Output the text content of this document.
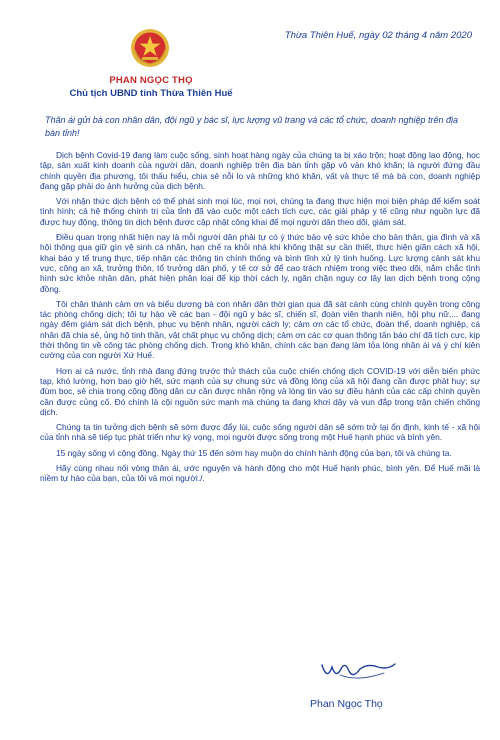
Thừa Thiên Huế, ngày 02 tháng 4 năm 2020
PHAN NGỌC THỌ
Chủ tịch UBND tỉnh Thừa Thiên Huế
Thân ái gửi bà con nhân dân, đội ngũ y bác sĩ, lực lượng vũ trang và các tổ chức, doanh nghiệp trên địa bàn tỉnh!

Dịch bệnh Covid-19 đang làm cuộc sống, sinh hoạt hàng ngày của chúng ta bị xáo trộn; hoạt động lao động, học tập, sản xuất kinh doanh của người dân, doanh nghiệp trên địa bàn tỉnh gặp vô vàn khó khăn; là người đứng đầu chính quyền địa phương, tôi thấu hiểu, chia sẻ nỗi lo và những khó khăn, vất vả thực tế mà bà con, doanh nghiệp đang gặp phải do ảnh hưởng của dịch bệnh.

Với nhận thức dịch bệnh có thể phát sinh mọi lúc, mọi nơi, chúng ta đang thực hiện mọi biện pháp để kiểm soát tình hình; cả hệ thống chính trị của tỉnh đã vào cuộc một cách tích cực, các giải pháp y tế cũng như nguồn lực đã được huy động, thông tin dịch bệnh được cập nhật công khai để mọi người dân theo dõi, giám sát.

Điều quan trọng nhất hiện nay là mỗi người dân phải tự có ý thức bảo vệ sức khỏe cho bản thân, gia đình và xã hội thông qua giữ gìn vệ sinh cá nhân, hạn chế ra khỏi nhà khi không thật sự cần thiết, thực hiện giãn cách xã hội, khai báo y tế trung thực, tiếp nhận các thông tin chính thống và bình tĩnh xử lý tình huống. Lực lượng cảnh sát khu vực, công an xã, trưởng thôn, tổ trưởng dân phố, y tế cơ sở để cao trách nhiệm trong việc theo dõi, nắm chắc tình hình sức khỏe nhân dân, phát hiện phân loại để kịp thời cách ly, ngăn chặn nguy cơ lây lan dịch bệnh trong cộng đồng.

Tôi chân thành cảm ơn và biểu dương bà con nhân dân thời gian qua đã sát cánh cùng chính quyền trong công tác phòng chống dịch; tôi tự hào về các bạn - đội ngũ y bác sĩ, chiến sĩ, đoàn viên thanh niên, hội phụ nữ,... đang ngày đêm giám sát dịch bệnh, phục vụ bệnh nhân, người cách ly; cảm ơn các tổ chức, đoàn thể, doanh nghiệp, cá nhân đã chia sẻ, ủng hộ tinh thần, vật chất phục vụ chống dịch; cảm ơn các cơ quan thông tấn báo chí đã tích cực, kịp thời thông tin về công tác phòng chống dịch. Trong khó khăn, chính các bạn đang làm tỏa lòng nhân ái và ý chí kiên cường của con người Xứ Huế.

Hơn ai cả nước, tỉnh nhà đang đứng trước thử thách của cuộc chiến chống dịch COVID-19 với diễn biến phức tạp, khó lường, hơn bao giờ hết, sức mạnh của sự chung sức và đồng lòng của xã hội đang cần được phát huy; sự đùm bọc, sẻ chia trong cộng đồng dân cư cần được nhân rộng và lòng tin vào sự điều hành của các cấp chính quyền cần được củng cố. Đó chính là cội nguồn sức mạnh mà chúng ta đang khơi dậy và vun đắp trong trận chiến chống dịch.

Chúng ta tin tưởng dịch bệnh sẽ sớm được đẩy lùi, cuộc sống người dân sẽ sớm trở lại ổn định, kinh tế - xã hội của tỉnh nhà sẽ tiếp tục phát triển như kỳ vọng, mọi người được sống trong một Huế hạnh phúc và bình yên.

15 ngày sống vì cộng đồng. Ngày thứ 15 đến sớm hay muộn do chính hành động của bạn, tôi và chúng ta.

Hãy cùng nhau nối vòng thân ái, ước nguyện và hành động cho một Huế hạnh phúc, bình yên. Để Huế mãi là niềm tự hào của bạn, của tôi và mọi người./.

Phan Ngọc Thọ
